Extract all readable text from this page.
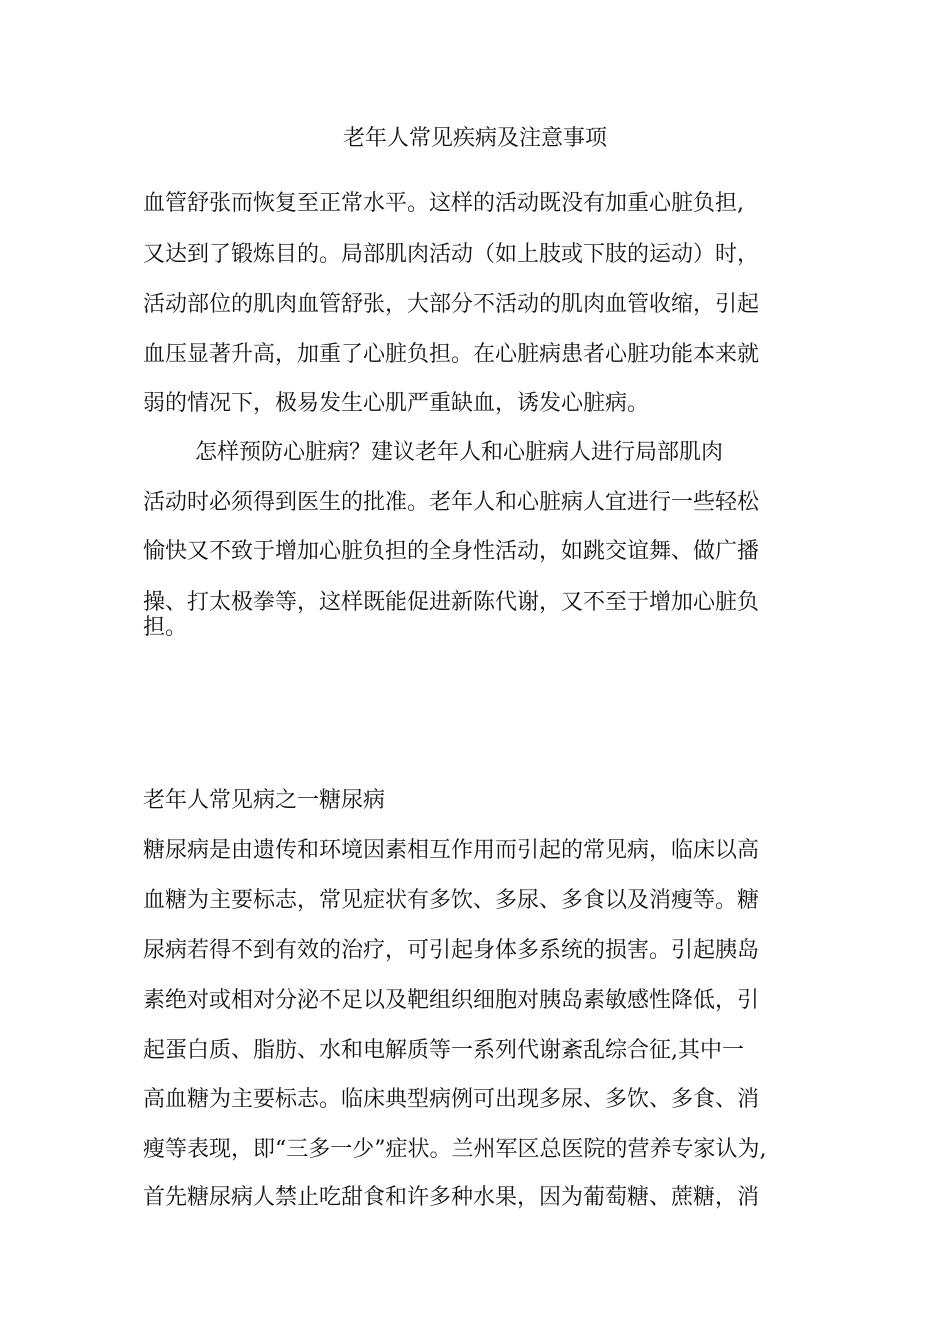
老年人常见疾病及注意事项
血管舒张而恢复至正常水平。这样的活动既没有加重心脏负担,
又达到了锻炼目的。局部肌肉活动（如上肢或下肢的运动）时，
活动部位的肌肉血管舒张，大部分不活动的肌肉血管收缩，引起
血压显著升高，加重了心脏负担。在心脏病患者心脏功能本来就
弱的情况下，极易发生心肌严重缺血，诱发心脏病。
怎样预防心脏病？建议老年人和心脏病人进行局部肌肉
活动时必须得到医生的批准。老年人和心脏病人宜进行一些轻松
愉快又不致于增加心脏负担的全身性活动，如跳交谊舞、做广播
操、打太极拳等，这样既能促进新陈代谢，又不至于增加心脏负
担。
老年人常见病之一糖尿病
糖尿病是由遗传和环境因素相互作用而引起的常见病，临床以高
血糖为主要标志，常见症状有多饮、多尿、多食以及消瘦等。糖
尿病若得不到有效的治疗，可引起身体多系统的损害。引起胰岛
素绝对或相对分泌不足以及靶组织细胞对胰岛素敏感性降低，引
起蛋白质、脂肪、水和电解质等一系列代谢紊乱综合征,其中一
高血糖为主要标志。临床典型病例可出现多尿、多饮、多食、消
瘦等表现，即“三多一少”症状。兰州军区总医院的营养专家认为,
首先糖尿病人禁止吃甜食和许多种水果，因为葡萄糖、蔗糖，消
